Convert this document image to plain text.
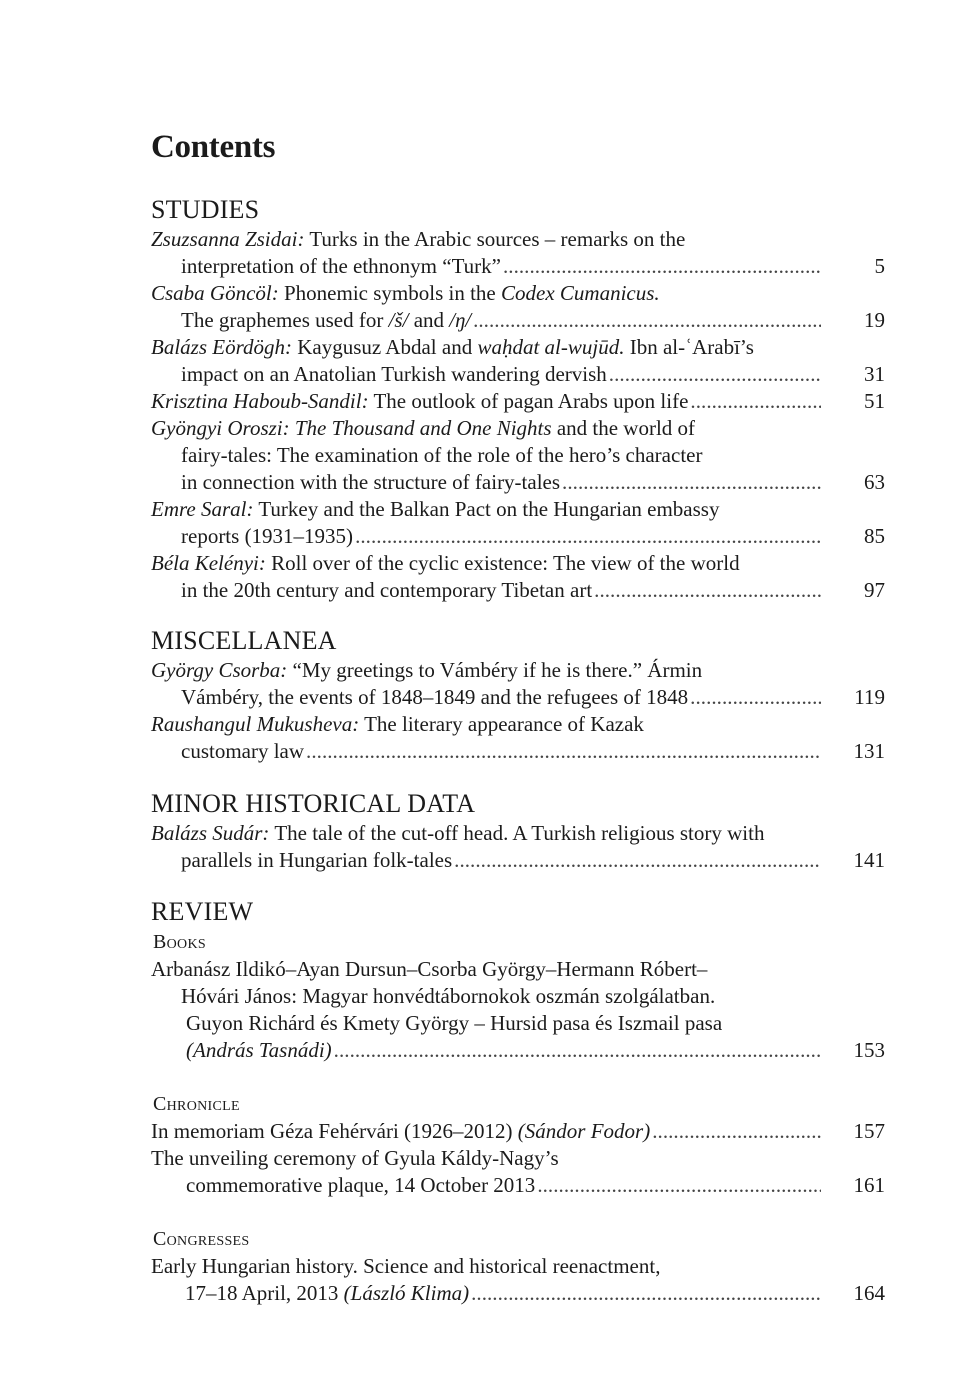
Contents
STUDIES
Zsuzsanna Zsidai: Turks in the Arabic sources – remarks on the
interpretation of the ethnonym “Turk” . . .	5
Csaba Göncöl: Phonemic symbols in the Codex Cumanicus.
The graphemes used for /š/ and /ŋ/ . . .	19
Balázs Eördögh: Kaygusuz Abdal and waḥdat al-wujūd. Ibn al-ʿArabī’s
impact on an Anatolian Turkish wandering dervish . . .	31
Krisztina Haboub-Sandil: The outlook of pagan Arabs upon life . . .	51
Gyöngyi Oroszi: The Thousand and One Nights and the world of
fairy-tales: The examination of the role of the hero’s character
in connection with the structure of fairy-tales . . .	63
Emre Saral: Turkey and the Balkan Pact on the Hungarian embassy
reports (1931–1935) . . .	85
Béla Kelényi: Roll over of the cyclic existence: The view of the world
in the 20th century and contemporary Tibetan art . . .	97
MISCELLANEA
György Csorba: “My greetings to Vámbéry if he is there.” Ármin
Vámbéry, the events of 1848–1849 and the refugees of 1848 . . .	119
Raushangul Mukusheva: The literary appearance of Kazak
customary law . . .	131
MINOR HISTORICAL DATA
Balázs Sudár: The tale of the cut-off head. A Turkish religious story with
parallels in Hungarian folk-tales . . .	141
REVIEW
Books
Arbanász Ildikó–Ayan Dursun–Csorba György–Hermann Róbert–
Hóvári János: Magyar honvédtábornokok oszmán szolgálatban.
Guyon Richárd és Kmety György – Hursid pasa és Iszmail pasa
(András Tasnádi) . . .	153
Chronicle
In memoriam Géza Fehérvári (1926–2012) (Sándor Fodor) . . .	157
The unveiling ceremony of Gyula Káldy-Nagy’s
commemorative plaque, 14 October 2013 . . .	161
Congresses
Early Hungarian history. Science and historical reenactment,
17–18 April, 2013 (László Klima) . . .	164
